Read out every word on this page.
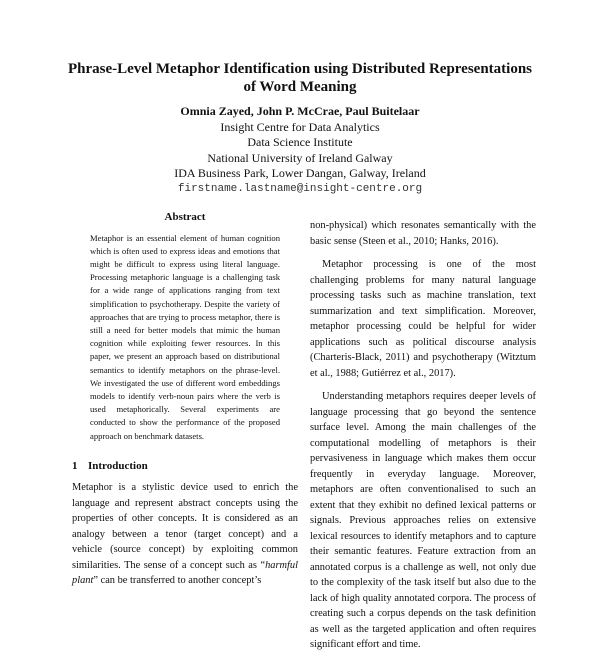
Phrase-Level Metaphor Identification using Distributed Representations
of Word Meaning
Omnia Zayed, John P. McCrae, Paul Buitelaar
Insight Centre for Data Analytics
Data Science Institute
National University of Ireland Galway
IDA Business Park, Lower Dangan, Galway, Ireland
firstname.lastname@insight-centre.org
Abstract
Metaphor is an essential element of human cognition which is often used to express ideas and emotions that might be difficult to express using literal language. Processing metaphoric language is a challenging task for a wide range of applications ranging from text simplification to psychotherapy. Despite the variety of approaches that are trying to process metaphor, there is still a need for better models that mimic the human cognition while exploiting fewer resources. In this paper, we present an approach based on distributional semantics to identify metaphors on the phrase-level. We investigated the use of different word embeddings models to identify verb-noun pairs where the verb is used metaphorically. Several experiments are conducted to show the performance of the proposed approach on benchmark datasets.
1 Introduction

Metaphor is a stylistic device used to enrich the language and represent abstract concepts using the properties of other concepts. It is considered as an analogy between a tenor (target concept) and a vehicle (source concept) by exploiting common similarities. The sense of a concept such as “harmful plant” can be transferred to another concept’s

non-physical) which resonates semantically with the basic sense (Steen et al., 2010; Hanks, 2016).

Metaphor processing is one of the most challenging problems for many natural language processing tasks such as machine translation, text summarization and text simplification. Moreover, metaphor processing could be helpful for wider applications such as political discourse analysis (Charteris-Black, 2011) and psychotherapy (Witztum et al., 1988; Gutiérrez et al., 2017).

Understanding metaphors requires deeper levels of language processing that go beyond the sentence surface level. Among the main challenges of the computational modelling of metaphors is their pervasiveness in language which makes them occur frequently in everyday language. Moreover, metaphors are often conventionalised to such an extent that they exhibit no defined lexical patterns or signals. Previous approaches relies on extensive lexical resources to identify metaphors and to capture their semantic features. Feature extraction from an annotated corpus is a challenge as well, not only due to the complexity of the task itself but also due to the lack of high quality annotated corpora. The process of creating such a corpus depends on the task definition as well as the targeted application and often requires significant effort and time.
